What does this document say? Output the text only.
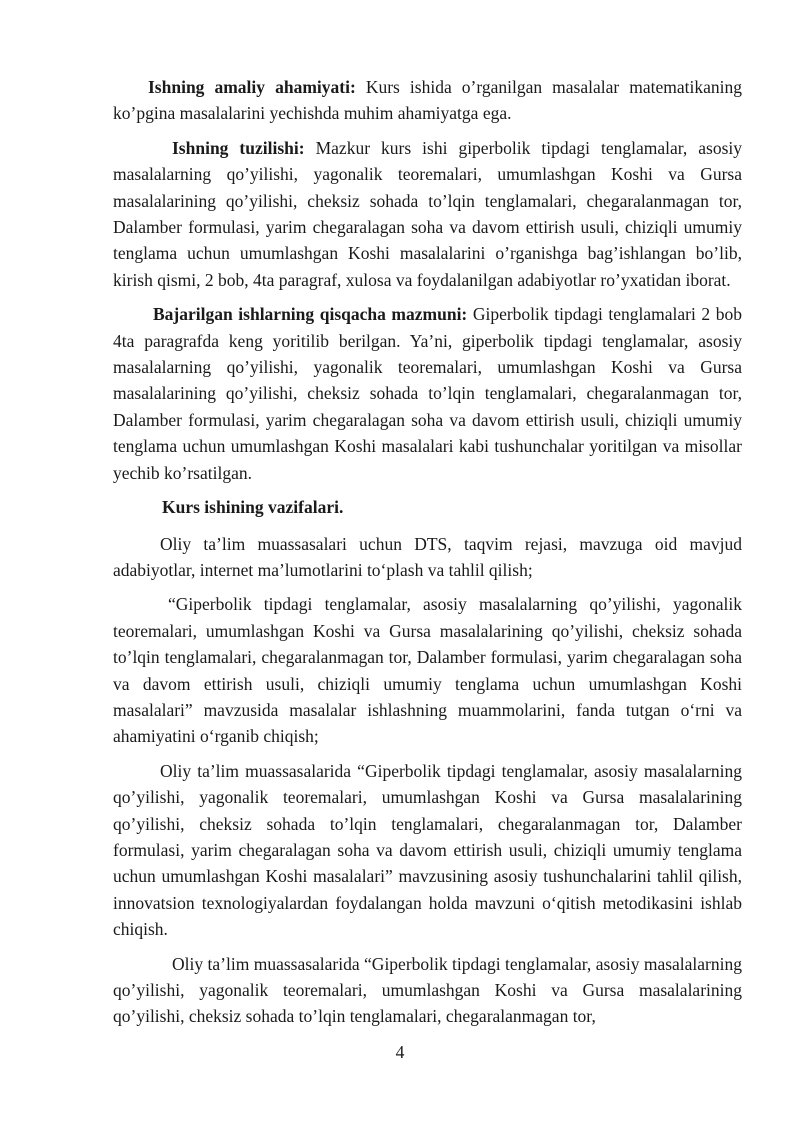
Ishning amaliy ahamiyati: Kurs ishida o’rganilgan masalalar matematikaning ko’pgina masalalarini yechishda muhim ahamiyatga ega.

Ishning tuzilishi: Mazkur kurs ishi giperbolik tipdagi tenglamalar, asosiy masalalarning qo’yilishi, yagonalik teoremalari, umumlashgan Koshi va Gursa masalalarining qo’yilishi, cheksiz sohada to’lqin tenglamalari, chegaralanmagan tor, Dalamber formulasi, yarim chegaralagan soha va davom ettirish usuli, chiziqli umumiy tenglama uchun umumlashgan Koshi masalalarini o’rganishga bag’ishlangan bo’lib, kirish qismi, 2 bob, 4ta paragraf, xulosa va foydalanilgan adabiyotlar ro’yxatidan iborat.

Bajarilgan ishlarning qisqacha mazmuni: Giperbolik tipdagi tenglamalari 2 bob 4ta paragrafda keng yoritilib berilgan. Ya’ni, giperbolik tipdagi tenglamalar, asosiy masalalarning qo’yilishi, yagonalik teoremalari, umumlashgan Koshi va Gursa masalalarining qo’yilishi, cheksiz sohada to’lqin tenglamalari, chegaralanmagan tor, Dalamber formulasi, yarim chegaralagan soha va davom ettirish usuli, chiziqli umumiy tenglama uchun umumlashgan Koshi masalalari kabi tushunchalar yoritilgan va misollar yechib ko’rsatilgan.

Kurs ishining vazifalari.

Oliy ta’lim muassasalari uchun DTS, taqvim rejasi, mavzuga oid mavjud adabiyotlar, internet ma’lumotlarini to‘plash va tahlil qilish;

“Giperbolik tipdagi tenglamalar, asosiy masalalarning qo’yilishi, yagonalik teoremalari, umumlashgan Koshi va Gursa masalalarining qo’yilishi, cheksiz sohada to’lqin tenglamalari, chegaralanmagan tor, Dalamber formulasi, yarim chegaralagan soha va davom ettirish usuli, chiziqli umumiy tenglama uchun umumlashgan Koshi masalalari” mavzusida masalalar ishlashning muammolarini, fanda tutgan o‘rni va ahamiyatini o‘rganib chiqish;

Oliy ta’lim muassasalarida “Giperbolik tipdagi tenglamalar, asosiy masalalarning qo’yilishi, yagonalik teoremalari, umumlashgan Koshi va Gursa masalalarining qo’yilishi, cheksiz sohada to’lqin tenglamalari, chegaralanmagan tor, Dalamber formulasi, yarim chegaralagan soha va davom ettirish usuli, chiziqli umumiy tenglama uchun umumlashgan Koshi masalalari” mavzusining asosiy tushunchalarini tahlil qilish, innovatsion texnologiyalardan foydalangan holda mavzuni o‘qitish metodikasini ishlab chiqish.

Oliy ta’lim muassasalarida “Giperbolik tipdagi tenglamalar, asosiy masalalarning qo’yilishi, yagonalik teoremalari, umumlashgan Koshi va Gursa masalalarining qo’yilishi, cheksiz sohada to’lqin tenglamalari, chegaralanmagan tor,

4
